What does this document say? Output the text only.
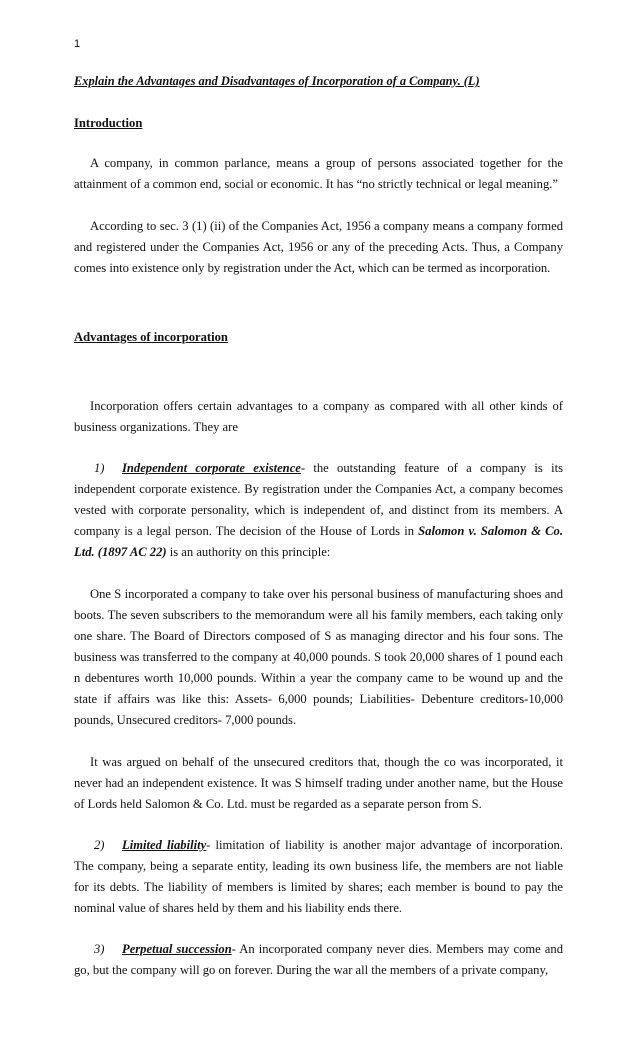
1
Explain the Advantages and Disadvantages of Incorporation of a Company. (L)
Introduction

A company, in common parlance, means a group of persons associated together for the attainment of a common end, social or economic. It has “no strictly technical or legal meaning.”

According to sec. 3 (1) (ii) of the Companies Act, 1956 a company means a company formed and registered under the Companies Act, 1956 or any of the preceding Acts. Thus, a Company comes into existence only by registration under the Act, which can be termed as incorporation.

Advantages of incorporation

Incorporation offers certain advantages to a company as compared with all other kinds of business organizations. They are

1) Independent corporate existence- the outstanding feature of a company is its independent corporate existence. By registration under the Companies Act, a company becomes vested with corporate personality, which is independent of, and distinct from its members. A company is a legal person. The decision of the House of Lords in Salomon v. Salomon & Co. Ltd. (1897 AC 22) is an authority on this principle:

One S incorporated a company to take over his personal business of manufacturing shoes and boots. The seven subscribers to the memorandum were all his family members, each taking only one share. The Board of Directors composed of S as managing director and his four sons. The business was transferred to the company at 40,000 pounds. S took 20,000 shares of 1 pound each n debentures worth 10,000 pounds. Within a year the company came to be wound up and the state if affairs was like this: Assets- 6,000 pounds; Liabilities- Debenture creditors-10,000 pounds, Unsecured creditors- 7,000 pounds.

It was argued on behalf of the unsecured creditors that, though the co was incorporated, it never had an independent existence. It was S himself trading under another name, but the House of Lords held Salomon & Co. Ltd. must be regarded as a separate person from S.

2) Limited liability- limitation of liability is another major advantage of incorporation. The company, being a separate entity, leading its own business life, the members are not liable for its debts. The liability of members is limited by shares; each member is bound to pay the nominal value of shares held by them and his liability ends there.

3) Perpetual succession- An incorporated company never dies. Members may come and go, but the company will go on forever. During the war all the members of a private company,
